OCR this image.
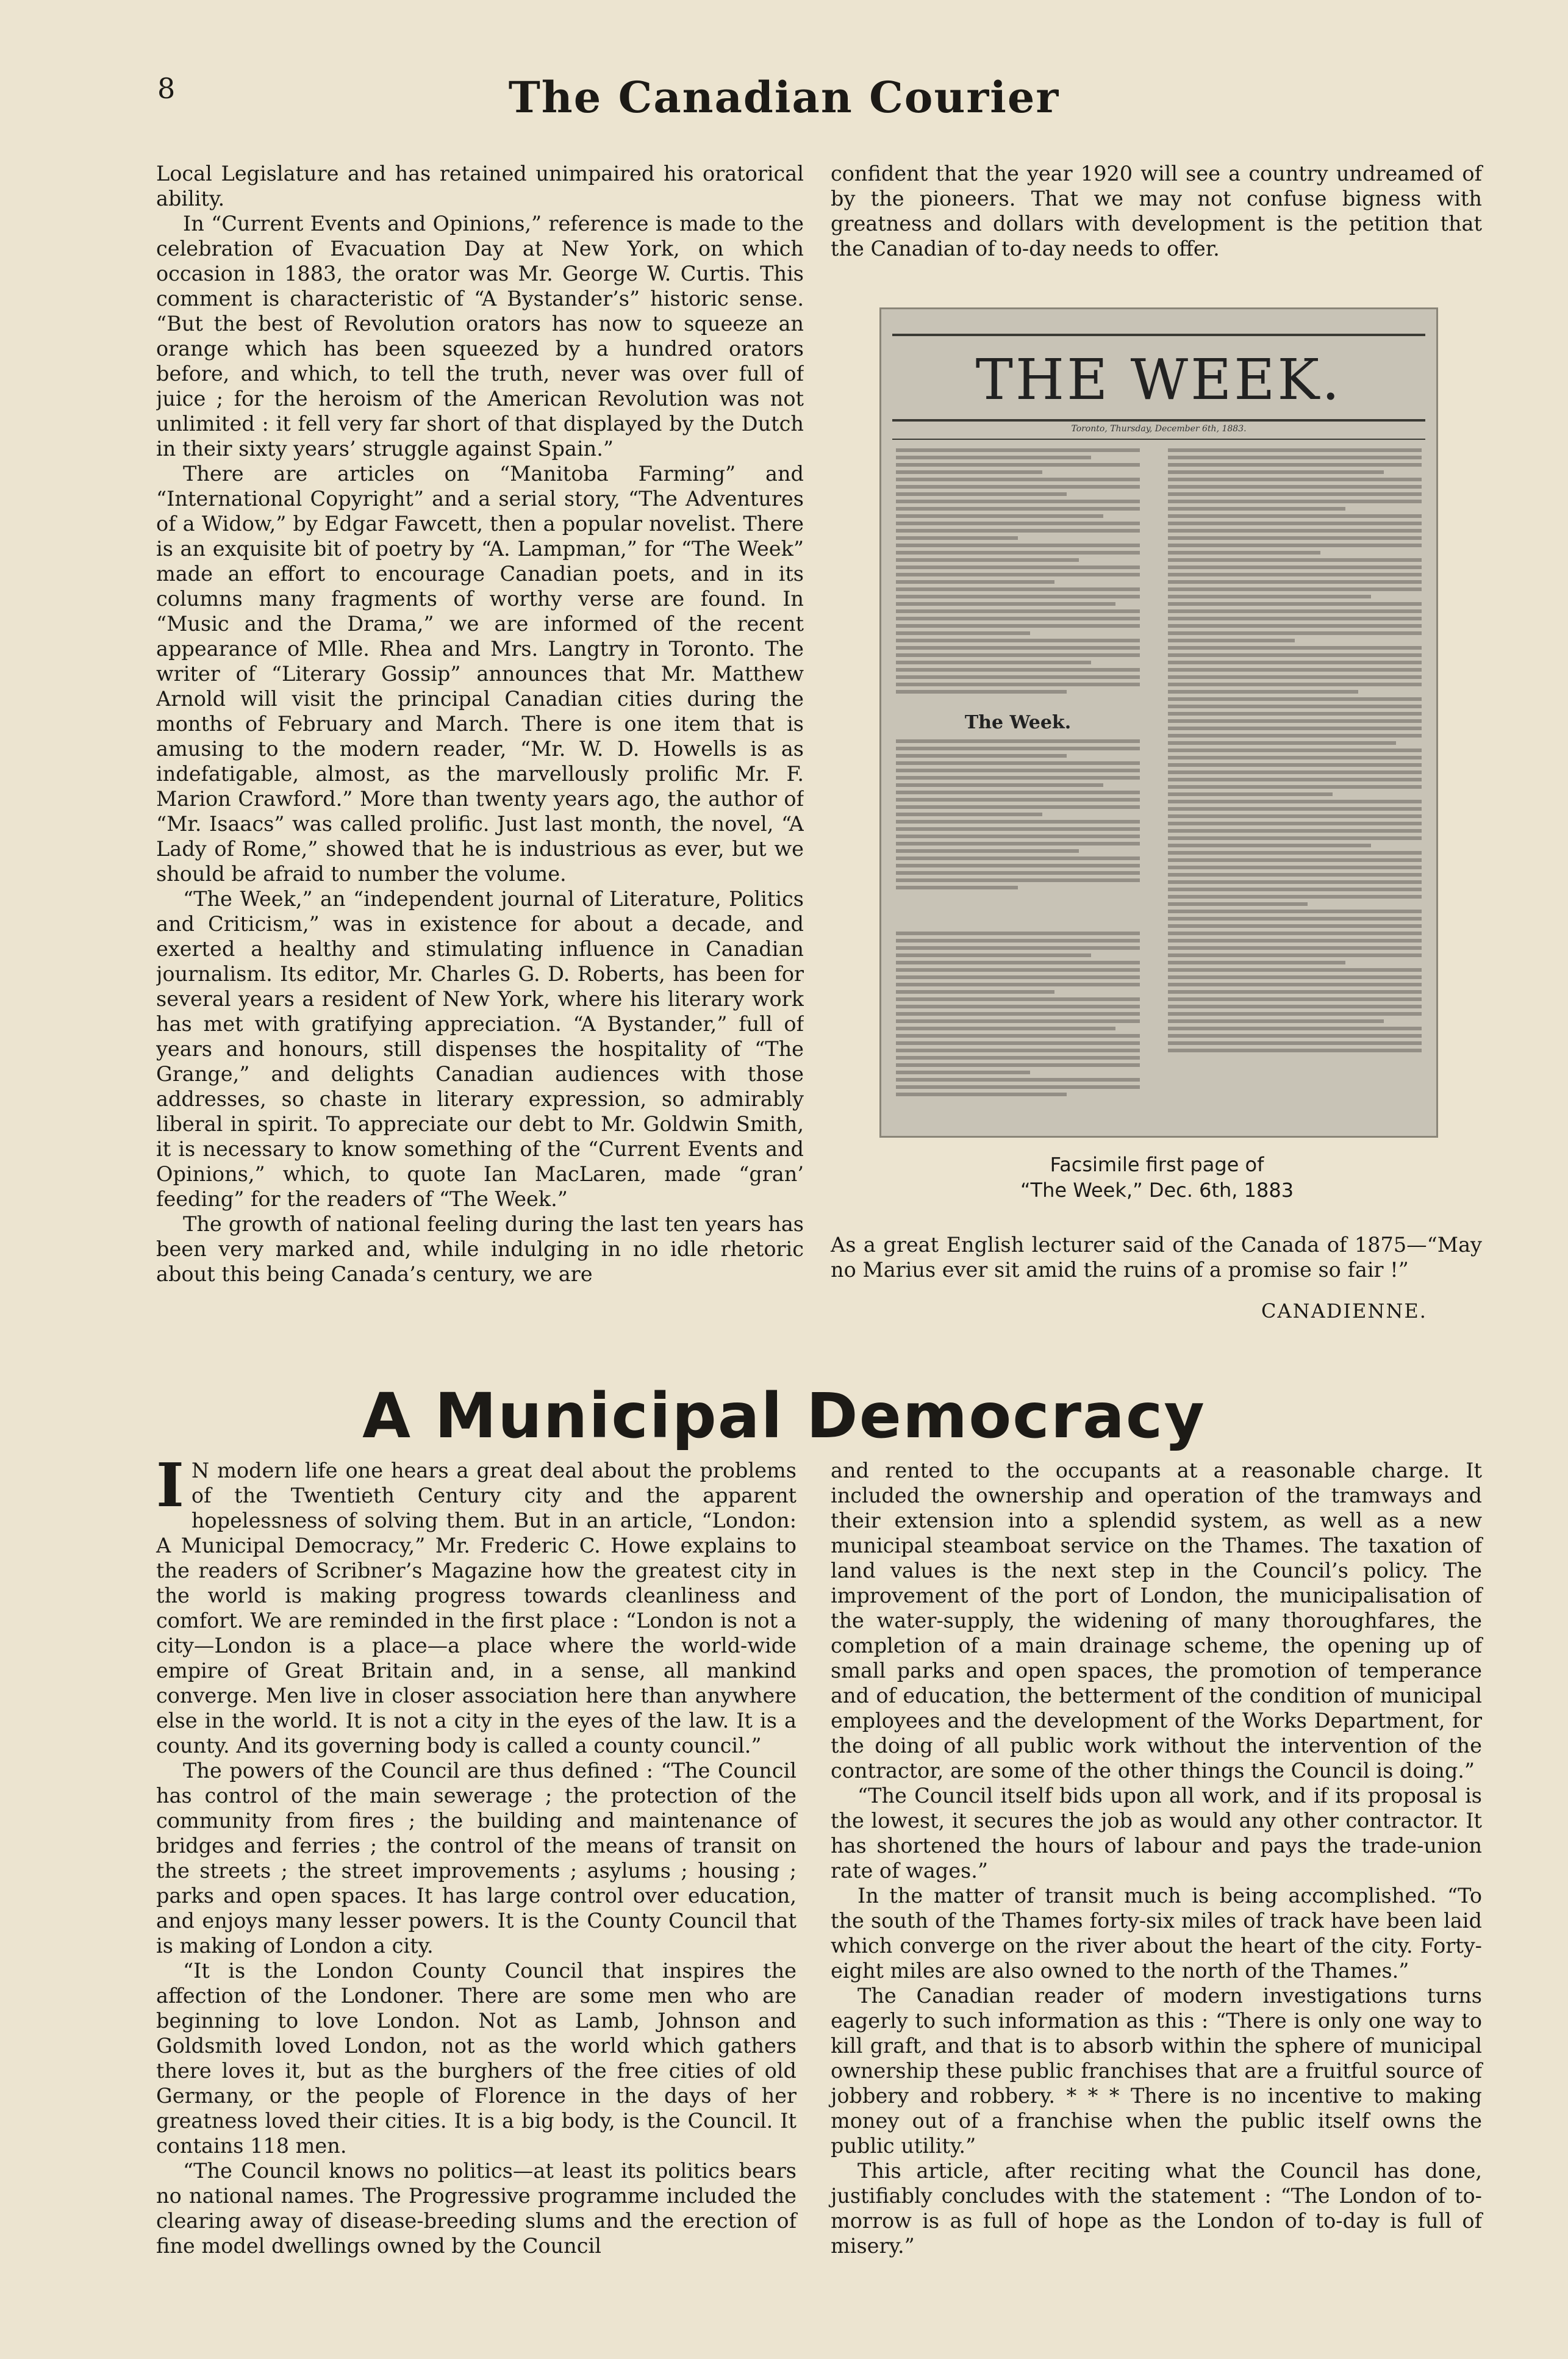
8	The Canadian Courier

Local Legislature and has retained unimpaired his oratorical ability.

In “Current Events and Opinions,” reference is made to the celebration of Evacuation Day at New York, on which occasion in 1883, the orator was Mr. George W. Curtis. This comment is characteristic of “A Bystander’s” historic sense. “But the best of Revolution orators has now to squeeze an orange which has been squeezed by a hundred orators before, and which, to tell the truth, never was over full of juice ; for the heroism of the American Revolution was not unlimited : it fell very far short of that displayed by the Dutch in their sixty years’ struggle against Spain.”

There are articles on “Manitoba Farming” and “International Copyright” and a serial story, “The Adventures of a Widow,” by Edgar Fawcett, then a popular novelist. There is an exquisite bit of poetry by “A. Lampman,” for “The Week” made an effort to encourage Canadian poets, and in its columns many fragments of worthy verse are found. In “Music and the Drama,” we are informed of the recent appearance of Mlle. Rhea and Mrs. Langtry in Toronto. The writer of “Literary Gossip” announces that Mr. Matthew Arnold will visit the principal Canadian cities during the months of February and March. There is one item that is amusing to the modern reader, “Mr. W. D. Howells is as indefatigable, almost, as the marvellously prolific Mr. F. Marion Crawford.” More than twenty years ago, the author of “Mr. Isaacs” was called prolific. Just last month, the novel, “A Lady of Rome,” showed that he is industrious as ever, but we should be afraid to number the volume.

“The Week,” an “independent journal of Literature, Politics and Criticism,” was in existence for about a decade, and exerted a healthy and stimulating influence in Canadian journalism. Its editor, Mr. Charles G. D. Roberts, has been for several years a resident of New York, where his literary work has met with gratifying appreciation. “A Bystander,” full of years and honours, still dispenses the hospitality of “The Grange,” and delights Canadian audiences with those addresses, so chaste in literary expression, so admirably liberal in spirit. To appreciate our debt to Mr. Goldwin Smith, it is necessary to know something of the “Current Events and Opinions,” which, to quote Ian MacLaren, made “gran’ feeding” for the readers of “The Week.”

The growth of national feeling during the last ten years has been very marked and, while indulging in no idle rhetoric about this being Canada’s century, we are

confident that the year 1920 will see a country undreamed of by the pioneers. That we may not confuse bigness with greatness and dollars with development is the petition that the Canadian of to-day needs to offer.

THE WEEK.
Toronto, Thursday, December 6th, 1883.
The Week.
Facsimile first page of
“The Week,” Dec. 6th, 1883

As a great English lecturer said of the Canada of 1875—“May no Marius ever sit amid the ruins of a promise so fair !”

CANADIENNE.
A Municipal Democracy

I N modern life one hears a great deal about the problems of the Twentieth Century city and the apparent hopelessness of solving them. But in an article, “London: A Municipal Democracy,” Mr. Frederic C. Howe explains to the readers of Scribner’s Magazine how the greatest city in the world is making progress towards cleanliness and comfort. We are reminded in the first place : “London is not a city—London is a place—a place where the world-wide empire of Great Britain and, in a sense, all mankind converge. Men live in closer association here than anywhere else in the world. It is not a city in the eyes of the law. It is a county. And its governing body is called a county council.”

The powers of the Council are thus defined : “The Council has control of the main sewerage ; the protection of the community from fires ; the building and maintenance of bridges and ferries ; the control of the means of transit on the streets ; the street improvements ; asylums ; housing ; parks and open spaces. It has large control over education, and enjoys many lesser powers. It is the County Council that is making of London a city.

“It is the London County Council that inspires the affection of the Londoner. There are some men who are beginning to love London. Not as Lamb, Johnson and Goldsmith loved London, not as the world which gathers there loves it, but as the burghers of the free cities of old Germany, or the people of Florence in the days of her greatness loved their cities. It is a big body, is the Council. It contains 118 men.

“The Council knows no politics—at least its politics bears no national names. The Progressive programme included the clearing away of disease-breeding slums and the erection of fine model dwellings owned by the Council

and rented to the occupants at a reasonable charge. It included the ownership and operation of the tramways and their extension into a splendid system, as well as a new municipal steamboat service on the Thames. The taxation of land values is the next step in the Council’s policy. The improvement of the port of London, the municipalisation of the water-supply, the widening of many thoroughfares, the completion of a main drainage scheme, the opening up of small parks and open spaces, the promotion of temperance and of education, the betterment of the condition of municipal employees and the development of the Works Department, for the doing of all public work without the intervention of the contractor, are some of the other things the Council is doing.”

“The Council itself bids upon all work, and if its proposal is the lowest, it secures the job as would any other contractor. It has shortened the hours of labour and pays the trade-union rate of wages.”

In the matter of transit much is being accomplished. “To the south of the Thames forty-six miles of track have been laid which converge on the river about the heart of the city. Forty-eight miles are also owned to the north of the Thames.”

The Canadian reader of modern investigations turns eagerly to such information as this : “There is only one way to kill graft, and that is to absorb within the sphere of municipal ownership these public franchises that are a fruitful source of jobbery and robbery. * * * There is no incentive to making money out of a franchise when the public itself owns the public utility.”

This article, after reciting what the Council has done, justifiably concludes with the statement : “The London of to-morrow is as full of hope as the London of to-day is full of misery.”
